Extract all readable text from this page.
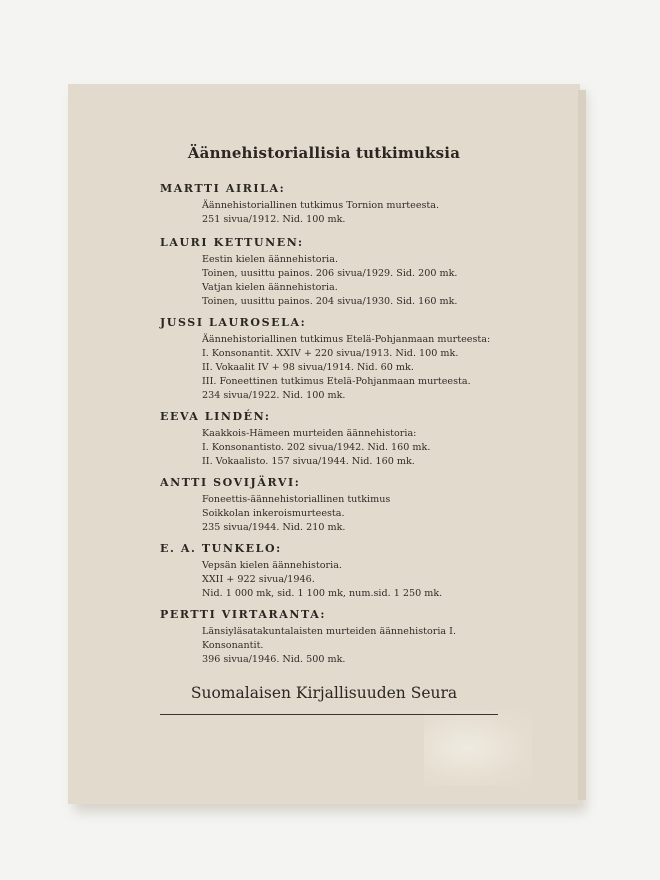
Äännehistoriallisia tutkimuksia
MARTTI AIRILA:
Äännehistoriallinen tutkimus Tornion murteesta.
251 sivua/1912. Nid. 100 mk.
LAURI KETTUNEN:
Eestin kielen äännehistoria.
Toinen, uusittu painos. 206 sivua/1929. Sid. 200 mk.
Vatjan kielen äännehistoria.
Toinen, uusittu painos. 204 sivua/1930. Sid. 160 mk.
JUSSI LAUROSELA:
Äännehistoriallinen tutkimus Etelä-Pohjanmaan murteesta:
I. Konsonantit. XXIV + 220 sivua/1913. Nid. 100 mk.
II. Vokaalit IV + 98 sivua/1914. Nid. 60 mk.
III. Foneettinen tutkimus Etelä-Pohjanmaan murteesta.
234 sivua/1922. Nid. 100 mk.
EEVA LINDÉN:
Kaakkois-Hämeen murteiden äännehistoria:
I. Konsonantisto. 202 sivua/1942. Nid. 160 mk.
II. Vokaalisto. 157 sivua/1944. Nid. 160 mk.
ANTTI SOVIJÄRVI:
Foneettis-äännehistoriallinen tutkimus
Soikkolan inkeroismurteesta.
235 sivua/1944. Nid. 210 mk.
E. A. TUNKELO:
Vepsän kielen äännehistoria.
XXII + 922 sivua/1946.
Nid. 1 000 mk, sid. 1 100 mk, num.sid. 1 250 mk.
PERTTI VIRTARANTA:
Länsiyläsatakuntalaisten murteiden äännehistoria I.
Konsonantit.
396 sivua/1946. Nid. 500 mk.
Suomalaisen Kirjallisuuden Seura
